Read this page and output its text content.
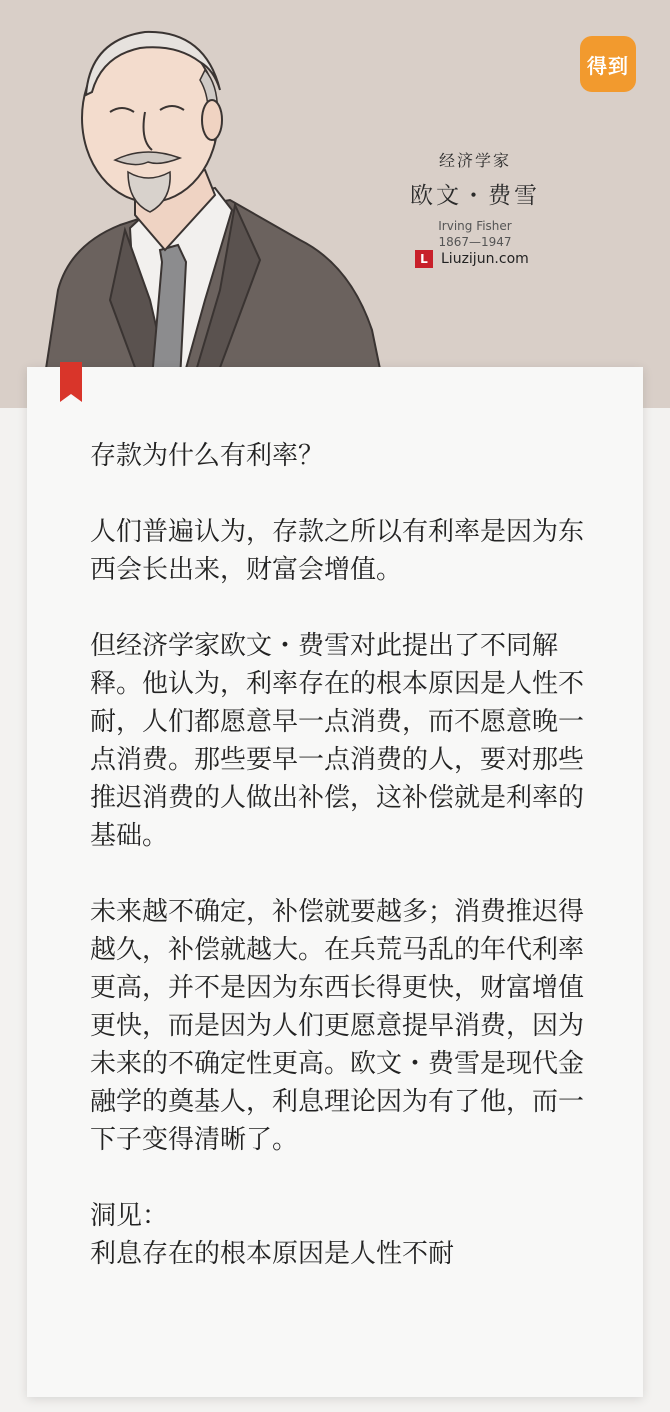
得到
经济学家
欧文・费雪
Irving Fisher
1867—1947
L Liuzijun.com

存款为什么有利率？

人们普遍认为，存款之所以有利率是因为东西会长出来，财富会增值。

但经济学家欧文・费雪对此提出了不同解释。他认为，利率存在的根本原因是人性不耐，人们都愿意早一点消费，而不愿意晚一点消费。那些要早一点消费的人，要对那些推迟消费的人做出补偿，这补偿就是利率的基础。

未来越不确定，补偿就要越多；消费推迟得越久，补偿就越大。在兵荒马乱的年代利率更高，并不是因为东西长得更快，财富增值更快，而是因为人们更愿意提早消费，因为未来的不确定性更高。欧文・费雪是现代金融学的奠基人，利息理论因为有了他，而一下子变得清晰了。

洞见：

利息存在的根本原因是人性不耐
